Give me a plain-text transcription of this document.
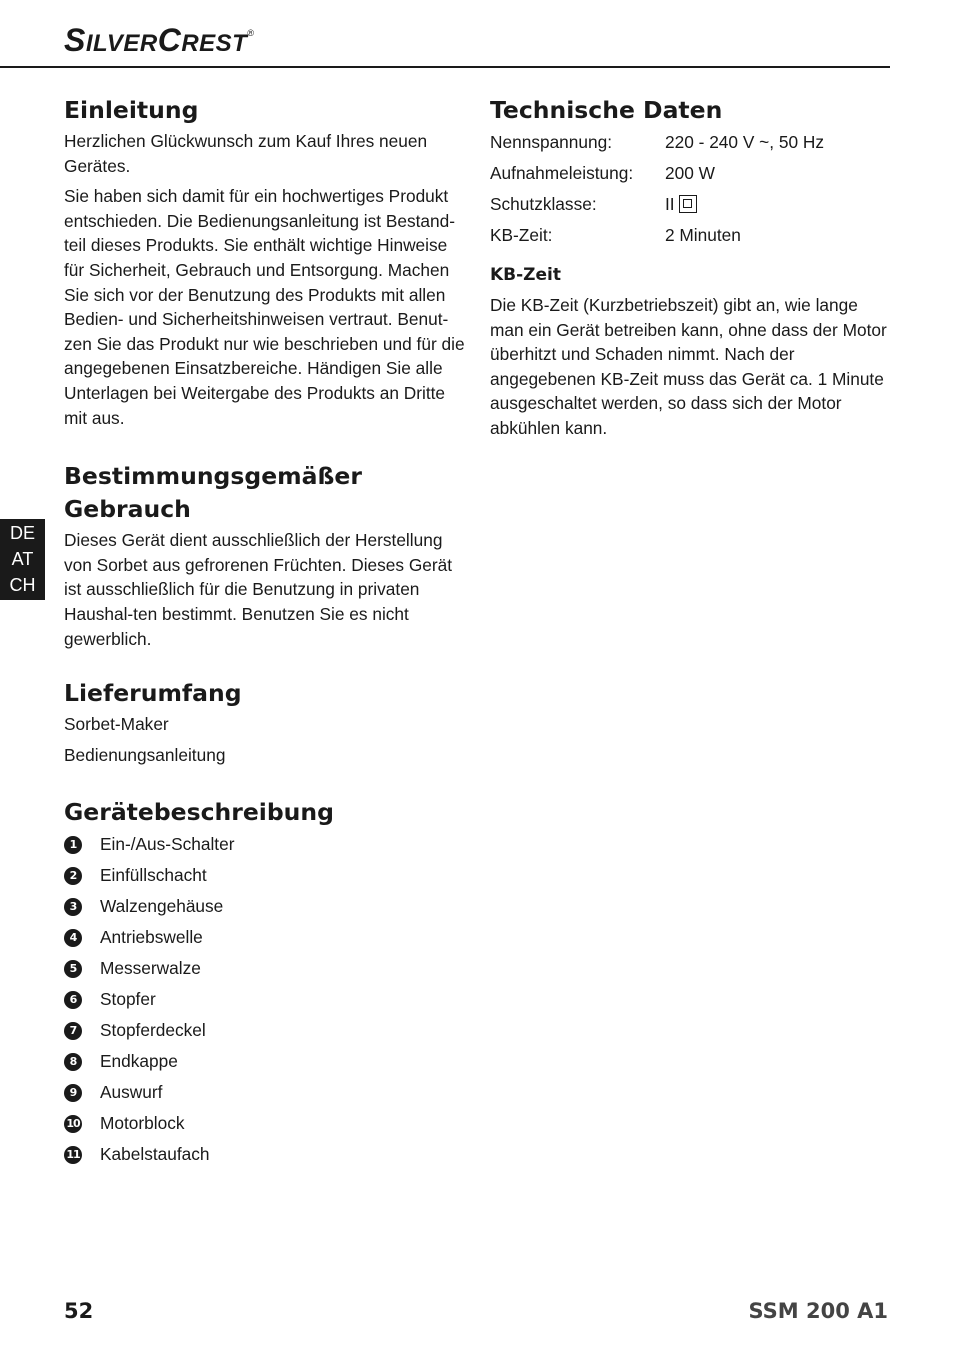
SILVERCREST®
Einleitung

Herzlichen Glückwunsch zum Kauf Ihres neuen Gerätes.

Sie haben sich damit für ein hochwertiges Produkt entschieden. Die Bedienungsanleitung ist Bestand-teil dieses Produkts. Sie enthält wichtige Hinweise für Sicherheit, Gebrauch und Entsorgung. Machen Sie sich vor der Benutzung des Produkts mit allen Bedien- und Sicherheitshinweisen vertraut. Benut-zen Sie das Produkt nur wie beschrieben und für die angegebenen Einsatzbereiche. Händigen Sie alle Unterlagen bei Weitergabe des Produkts an Dritte mit aus.

Bestimmungsgemäßer
Gebrauch

Dieses Gerät dient ausschließlich der Herstellung von Sorbet aus gefrorenen Früchten. Dieses Gerät ist ausschließlich für die Benutzung in privaten Haushal-ten bestimmt. Benutzen Sie es nicht gewerblich.

Lieferumfang
Sorbet-Maker
Bedienungsanleitung
Gerätebeschreibung
1	Ein-/Aus-Schalter
2	Einfüllschacht
3	Walzengehäuse
4	Antriebswelle
5	Messerwalze
6	Stopfer
7	Stopferdeckel
8	Endkappe
9	Auswurf
10 Motorblock
11 Kabelstaufach
Technische Daten
Nennspannung:	220 - 240 V ~, 50 Hz
Aufnahmeleistung:	200 W
Schutzklasse:	II
KB-Zeit:	2 Minuten
KB-Zeit

Die KB-Zeit (Kurzbetriebszeit) gibt an, wie lange man ein Gerät betreiben kann, ohne dass der Motor überhitzt und Schaden nimmt. Nach der angegebenen KB-Zeit muss das Gerät ca. 1 Minute ausgeschaltet werden, so dass sich der Motor abkühlen kann.

DE
AT
CH
52	SSM 200 A1
